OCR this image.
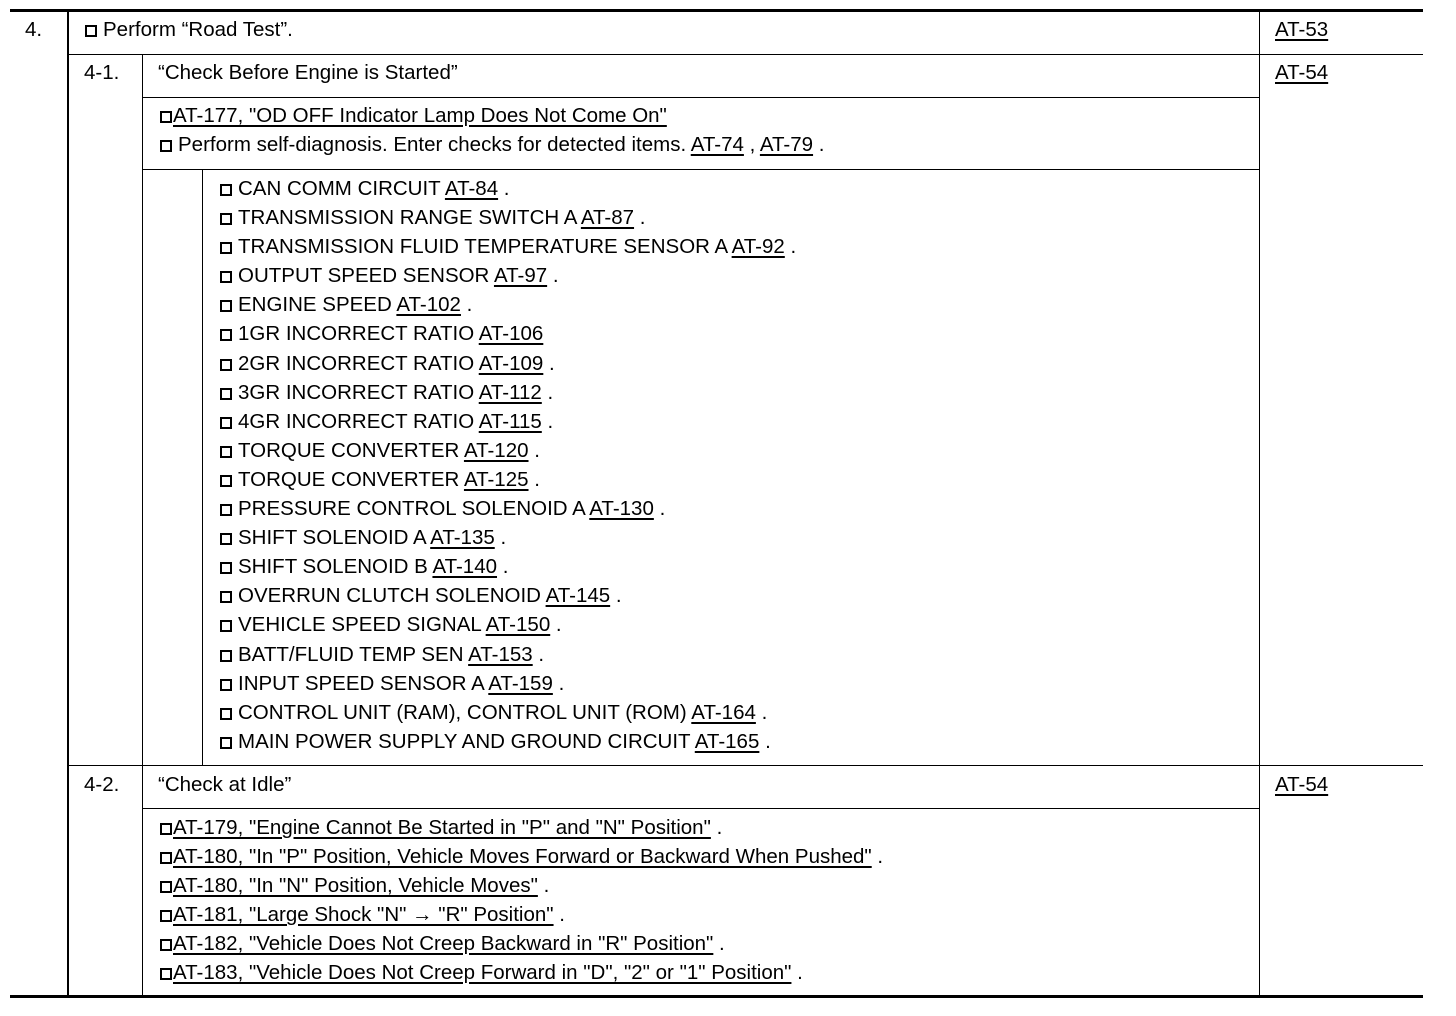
4.	Perform “Road Test”.	AT-53
4-1. “Check Before Engine is Started”	AT-54
AT-177, "OD OFF Indicator Lamp Does Not Come On"
Perform self-diagnosis. Enter checks for detected items. AT-74 , AT-79 .
CAN COMM CIRCUIT AT-84 .
TRANSMISSION RANGE SWITCH A AT-87 .
TRANSMISSION FLUID TEMPERATURE SENSOR A AT-92 .
OUTPUT SPEED SENSOR AT-97 .
ENGINE SPEED AT-102 .
1GR INCORRECT RATIO AT-106
2GR INCORRECT RATIO AT-109 .
3GR INCORRECT RATIO AT-112 .
4GR INCORRECT RATIO AT-115 .
TORQUE CONVERTER AT-120 .
TORQUE CONVERTER AT-125 .
PRESSURE CONTROL SOLENOID A AT-130 .
SHIFT SOLENOID A AT-135 .
SHIFT SOLENOID B AT-140 .
OVERRUN CLUTCH SOLENOID AT-145 .
VEHICLE SPEED SIGNAL AT-150 .
BATT/FLUID TEMP SEN AT-153 .
INPUT SPEED SENSOR A AT-159 .
CONTROL UNIT (RAM), CONTROL UNIT (ROM) AT-164 .
MAIN POWER SUPPLY AND GROUND CIRCUIT AT-165 .
4-2. “Check at Idle”	AT-54
AT-179, "Engine Cannot Be Started in "P" and "N" Position" .
AT-180, "In "P" Position, Vehicle Moves Forward or Backward When Pushed" .
AT-180, "In "N" Position, Vehicle Moves" .
AT-181, "Large Shock "N" → "R" Position" .
AT-182, "Vehicle Does Not Creep Backward in "R" Position" .
AT-183, "Vehicle Does Not Creep Forward in "D", "2" or "1" Position" .
